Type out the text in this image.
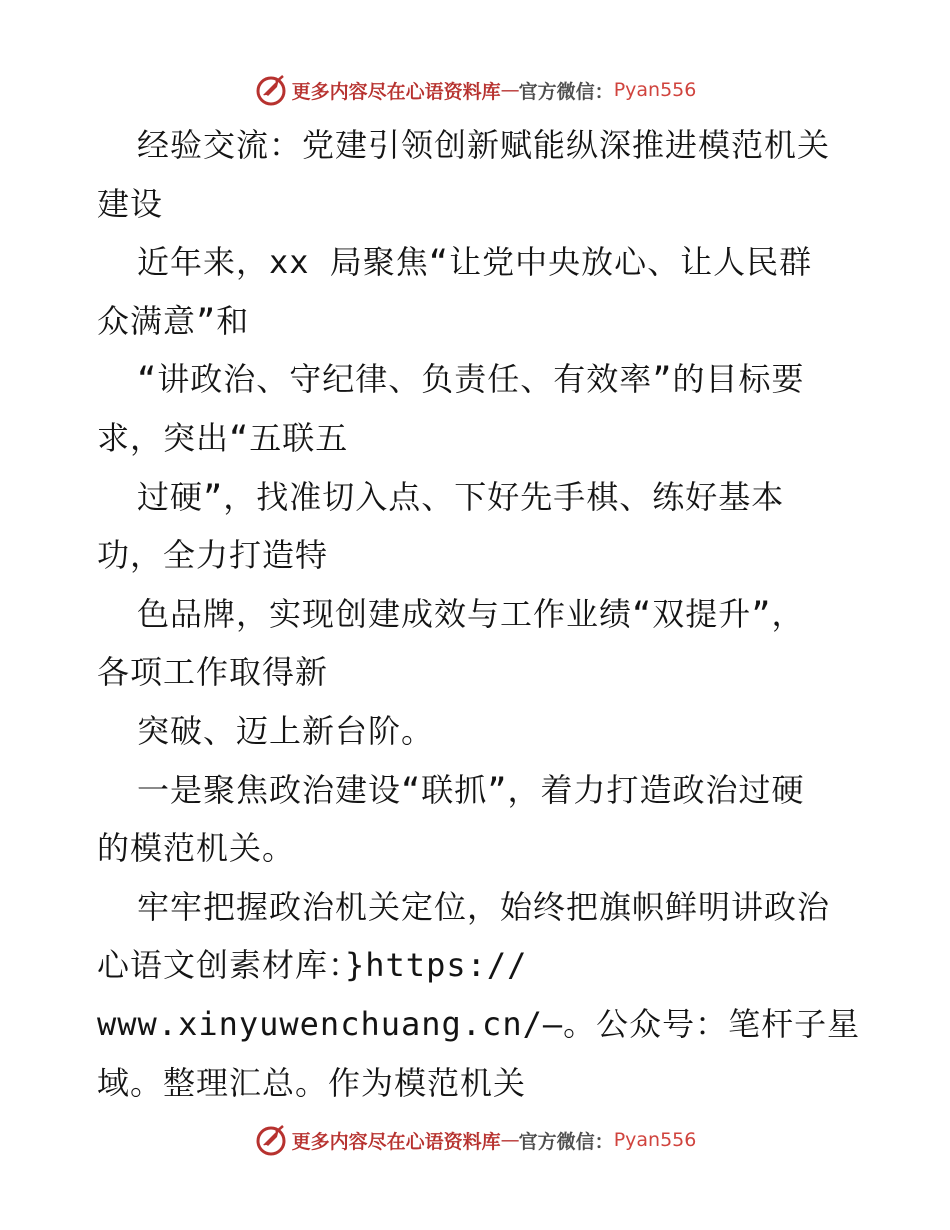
更多内容尽在心语资料库 — 官方微信： Pyan556
经验交流：党建引领创新赋能纵深推进模范机关
建设
近年来，xx 局聚焦“让党中央放心、让人民群
众满意”和
“讲政治、守纪律、负责任、有效率”的目标要
求，突出“五联五
过硬”，找准切入点、下好先手棋、练好基本
功，全力打造特
色品牌，实现创建成效与工作业绩“双提升”，
各项工作取得新
突破、迈上新台阶。
一是聚焦政治建设“联抓”，着力打造政治过硬
的模范机关。
牢牢把握政治机关定位，始终把旗帜鲜明讲政治
心语文创素材库：}https://
www.xinyuwenchuang.cn/—。公众号：笔杆子星
域。整理汇总。作为模范机关
更多内容尽在心语资料库 — 官方微信： Pyan556
